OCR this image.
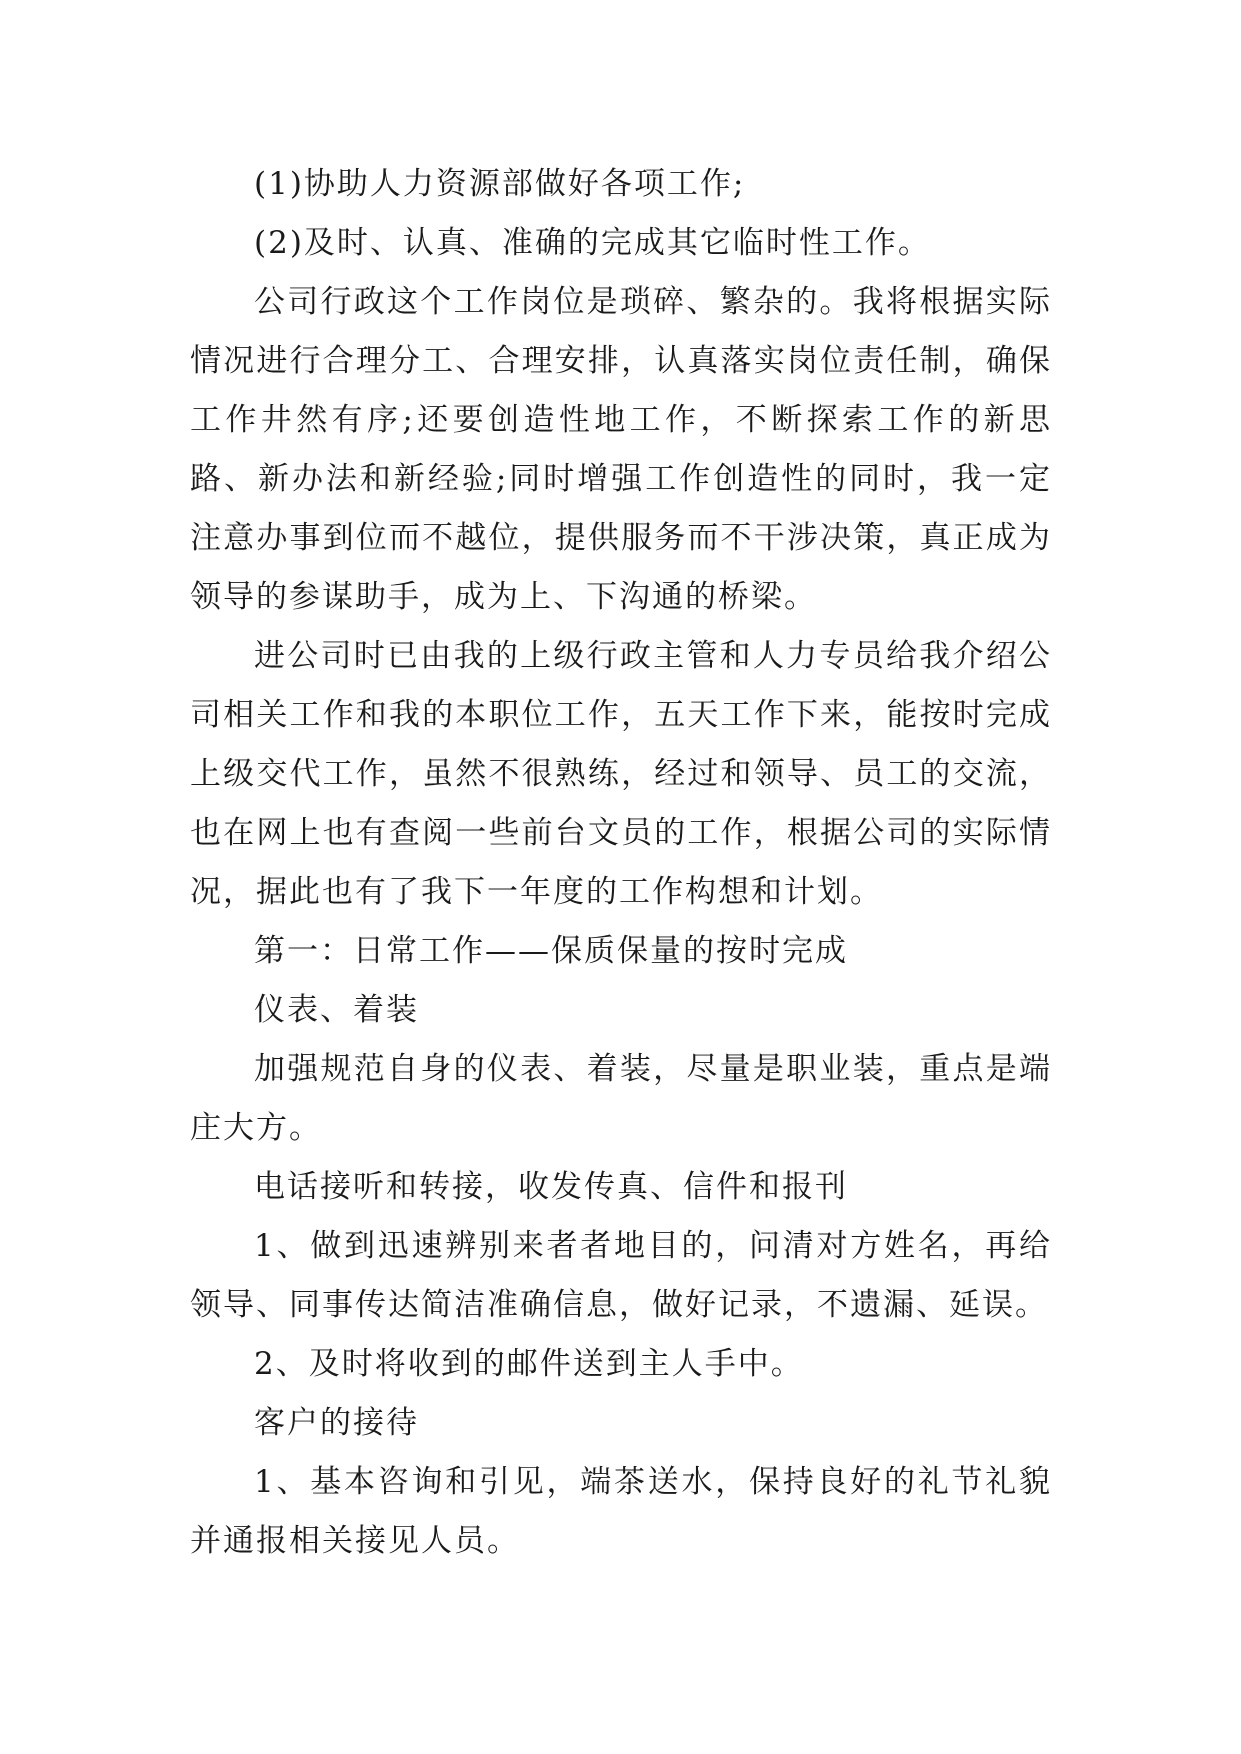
(1)协助人力资源部做好各项工作;

(2)及时、认真、准确的完成其它临时性工作。

公司行政这个工作岗位是琐碎、繁杂的。我将根据实际情况进行合理分工、合理安排，认真落实岗位责任制，确保工作井然有序;还要创造性地工作，不断探索工作的新思路、新办法和新经验;同时增强工作创造性的同时，我一定注意办事到位而不越位，提供服务而不干涉决策，真正成为领导的参谋助手，成为上、下沟通的桥梁。

进公司时已由我的上级行政主管和人力专员给我介绍公司相关工作和我的本职位工作，五天工作下来，能按时完成上级交代工作，虽然不很熟练，经过和领导、员工的交流，也在网上也有查阅一些前台文员的工作，根据公司的实际情况，据此也有了我下一年度的工作构想和计划。

第一：日常工作——保质保量的按时完成

仪表、着装

加强规范自身的仪表、着装，尽量是职业装，重点是端庄大方。

电话接听和转接，收发传真、信件和报刊

1、做到迅速辨别来者者地目的，问清对方姓名，再给领导、同事传达简洁准确信息，做好记录，不遗漏、延误。

2、及时将收到的邮件送到主人手中。

客户的接待

1、基本咨询和引见，端茶送水，保持良好的礼节礼貌并通报相关接见人员。
